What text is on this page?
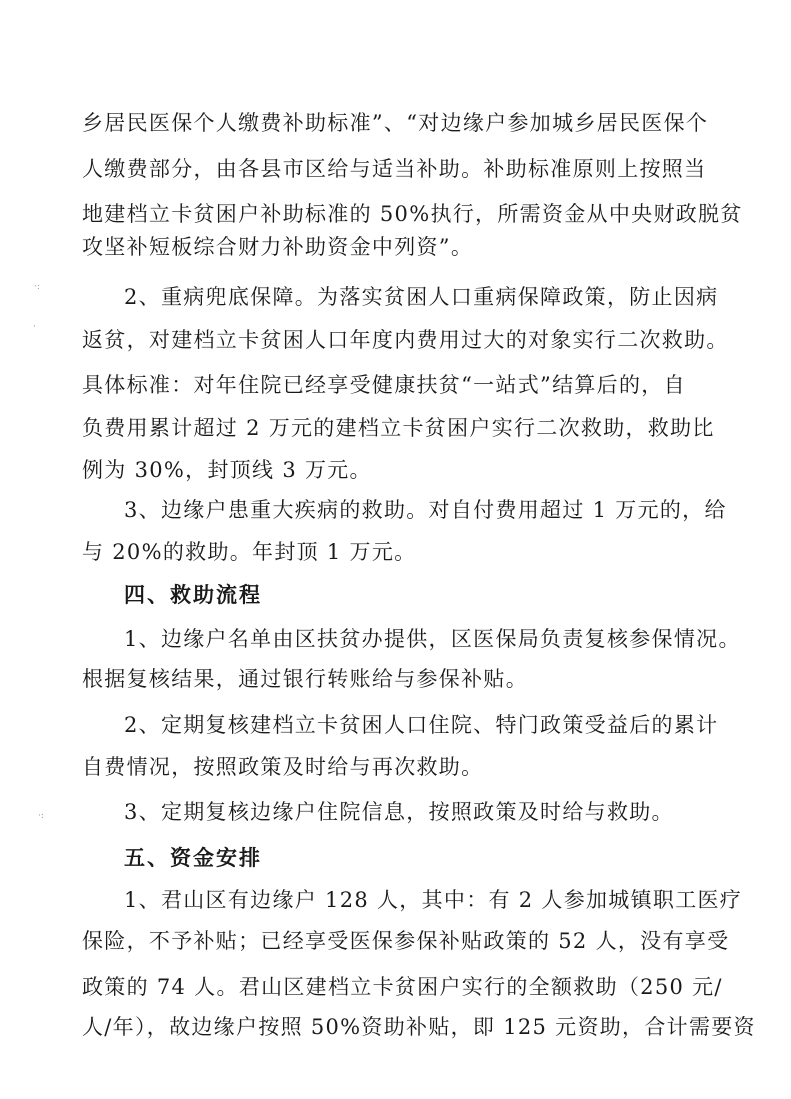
乡居民医保个人缴费补助标准”、“对边缘户参加城乡居民医保个
人缴费部分，由各县市区给与适当补助。补助标准原则上按照当
地建档立卡贫困户补助标准的 50%执行，所需资金从中央财政脱贫
攻坚补短板综合财力补助资金中列资”。
2、重病兜底保障。为落实贫困人口重病保障政策，防止因病
返贫，对建档立卡贫困人口年度内费用过大的对象实行二次救助。
具体标准：对年住院已经享受健康扶贫“一站式”结算后的，自
负费用累计超过 2 万元的建档立卡贫困户实行二次救助，救助比
例为 30%，封顶线 3 万元。
3、边缘户患重大疾病的救助。对自付费用超过 1 万元的，给
与 20%的救助。年封顶 1 万元。
四、救助流程
1、边缘户名单由区扶贫办提供，区医保局负责复核参保情况。
根据复核结果，通过银行转账给与参保补贴。
2、定期复核建档立卡贫困人口住院、特门政策受益后的累计
自费情况，按照政策及时给与再次救助。
3、定期复核边缘户住院信息，按照政策及时给与救助。
五、资金安排
1、君山区有边缘户 128 人，其中：有 2 人参加城镇职工医疗
保险，不予补贴；已经享受医保参保补贴政策的 52 人，没有享受
政策的 74 人。君山区建档立卡贫困户实行的全额救助（250 元/
人/年），故边缘户按照 50%资助补贴，即 125 元资助，合计需要资
·:
·
·:
